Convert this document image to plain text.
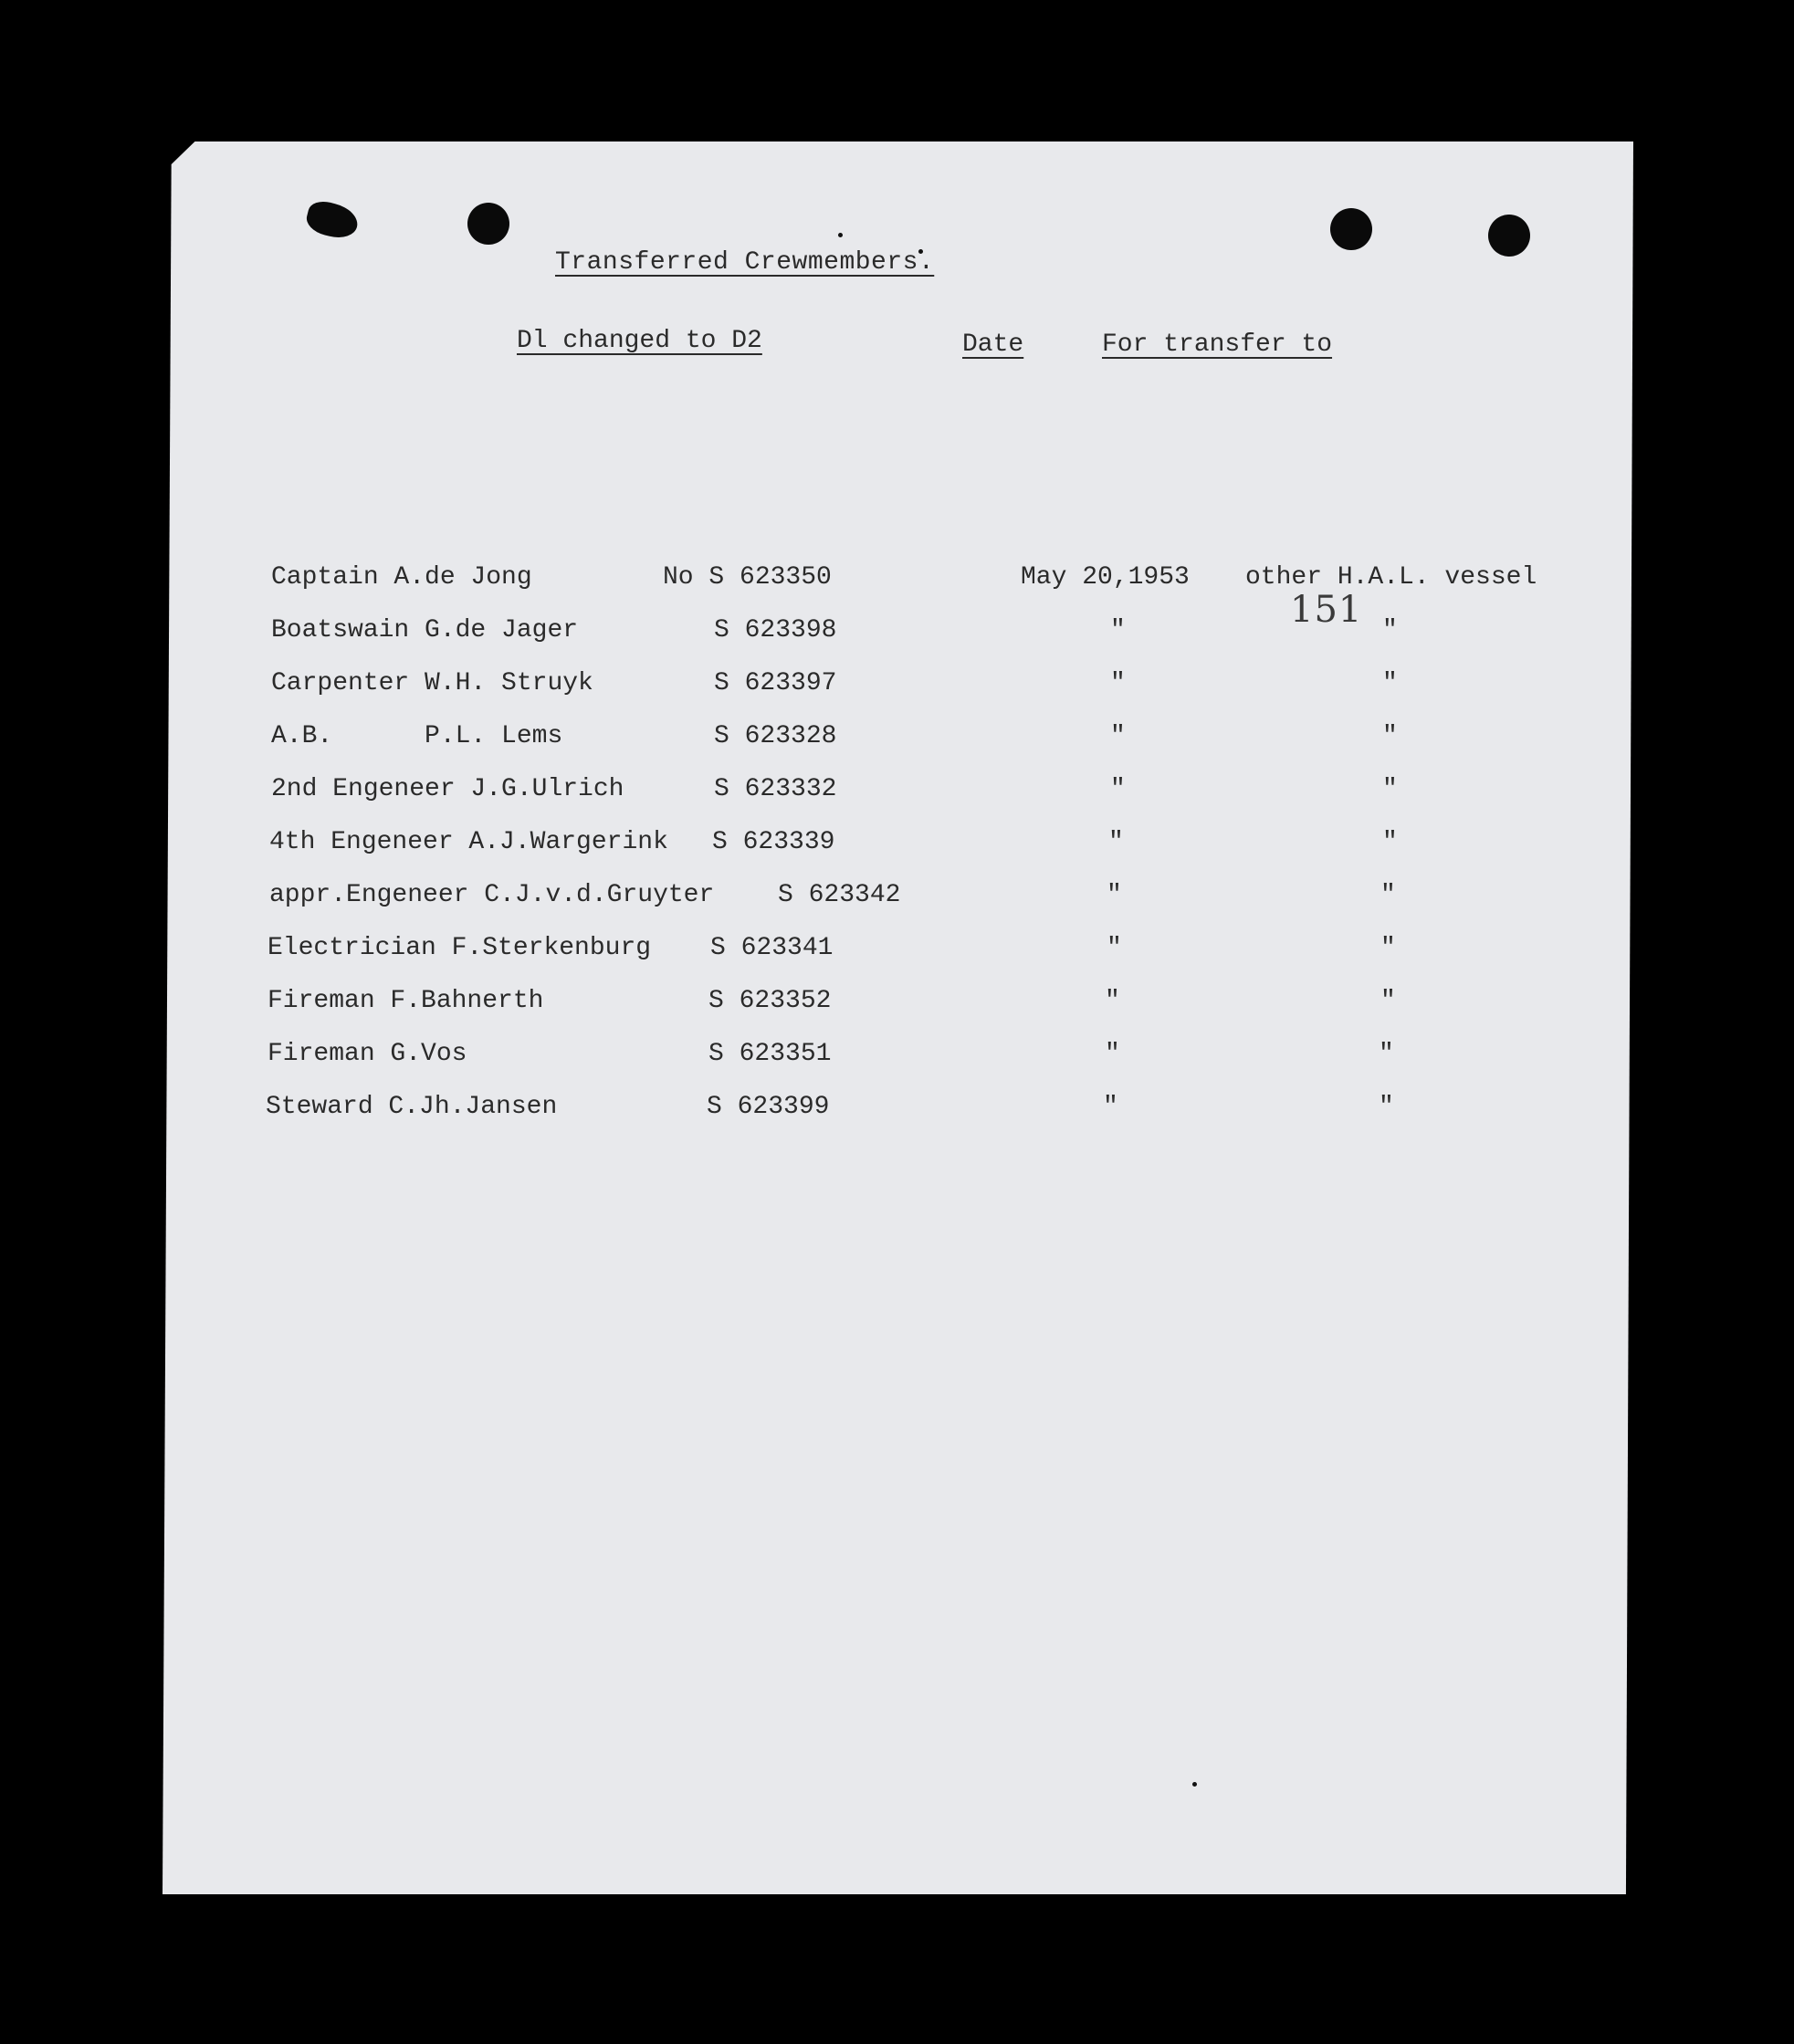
Transferred Crewmembers.
Dl changed to D2	Date	For transfer to
Captain A.de Jong	No S 623350	May 20,1953 other H.A.L. vessel
Boatswain G.de Jager	S 623398	"	"
Carpenter W.H. Struyk	S 623397	"	"
A.B.      P.L. Lems	S 623328	"	"
2nd Engeneer J.G.Ulrich	S 623332	"	"
4th Engeneer A.J.Wargerink S 623339	"	"
appr.Engeneer C.J.v.d.Gruyter S 623342	"	"
Electrician F.Sterkenburg S 623341	"	"
Fireman F.Bahnerth	S 623352	"	"
Fireman G.Vos	S 623351	"	"
Steward C.Jh.Jansen	S 623399	"	"
151
